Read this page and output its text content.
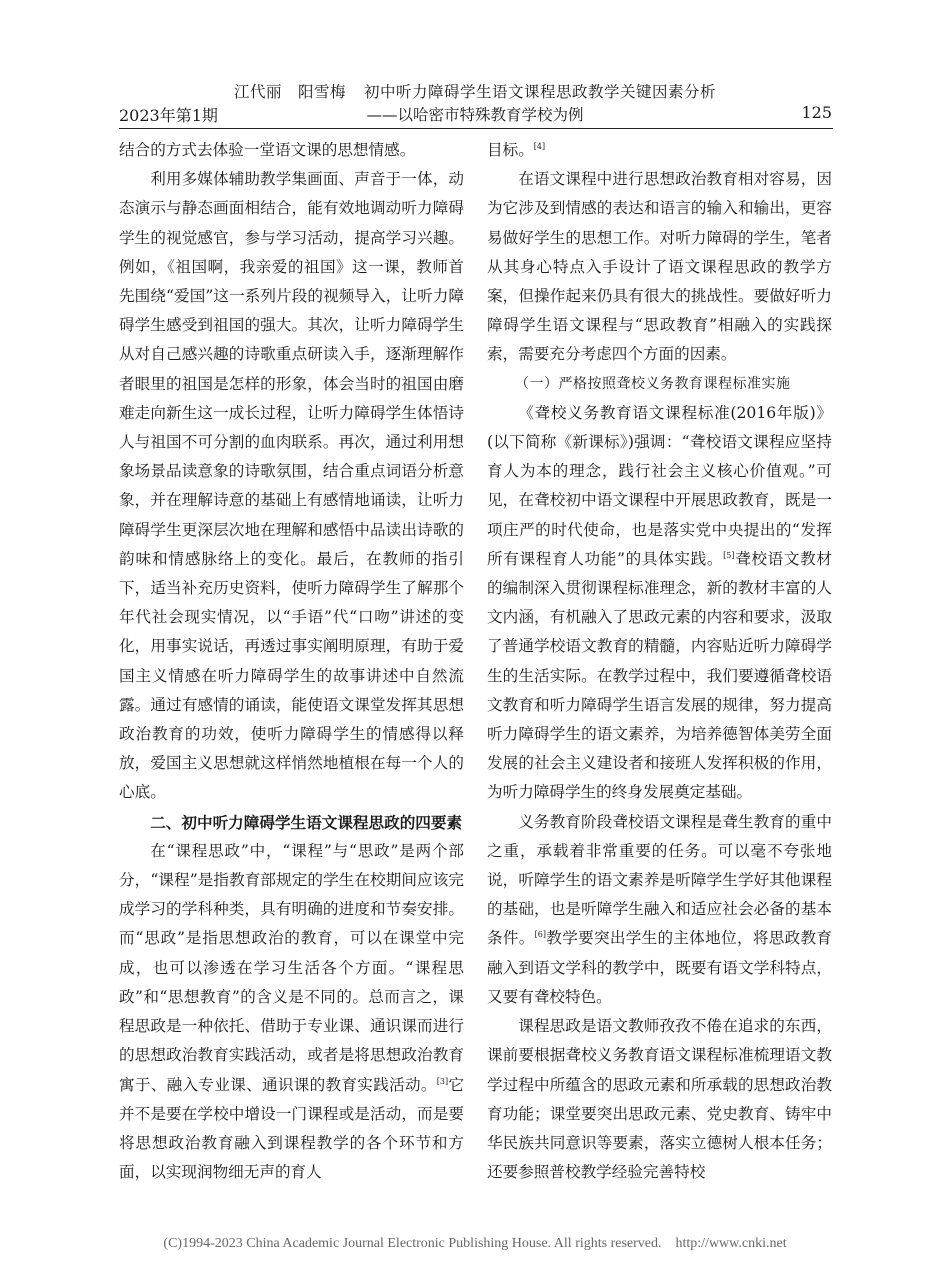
江代丽　阳雪梅 初中听力障碍学生语文课程思政教学关键因素分析
2023年第1期	——以哈密市特殊教育学校为例	125

结合的方式去体验一堂语文课的思想情感。

利用多媒体辅助教学集画面、声音于一体，动态演示与静态画面相结合，能有效地调动听力障碍学生的视觉感官，参与学习活动，提高学习兴趣。例如，《祖国啊，我亲爱的祖国》这一课，教师首先围绕“爱国”这一系列片段的视频导入，让听力障碍学生感受到祖国的强大。其次，让听力障碍学生从对自己感兴趣的诗歌重点研读入手，逐渐理解作者眼里的祖国是怎样的形象，体会当时的祖国由磨难走向新生这一成长过程，让听力障碍学生体悟诗人与祖国不可分割的血肉联系。再次，通过利用想象场景品读意象的诗歌氛围，结合重点词语分析意象，并在理解诗意的基础上有感情地诵读，让听力障碍学生更深层次地在理解和感悟中品读出诗歌的韵味和情感脉络上的变化。最后，在教师的指引下，适当补充历史资料，使听力障碍学生了解那个年代社会现实情况，以“手语”代“口吻”讲述的变化，用事实说话，再透过事实阐明原理，有助于爱国主义情感在听力障碍学生的故事讲述中自然流露。通过有感情的诵读，能使语文课堂发挥其思想政治教育的功效，使听力障碍学生的情感得以释放，爱国主义思想就这样悄然地植根在每一个人的心底。

二、初中听力障碍学生语文课程思政的四要素

在“课程思政”中，“课程”与“思政”是两个部分，“课程”是指教育部规定的学生在校期间应该完成学习的学科种类，具有明确的进度和节奏安排。而“思政”是指思想政治的教育，可以在课堂中完成，也可以渗透在学习生活各个方面。“课程思政”和“思想教育”的含义是不同的。总而言之，课程思政是一种依托、借助于专业课、通识课而进行的思想政治教育实践活动，或者是将思想政治教育寓于、融入专业课、通识课的教育实践活动。[3]它并不是要在学校中增设一门课程或是活动，而是要将思想政治教育融入到课程教学的各个环节和方面，以实现润物细无声的育人

目标。[4]

在语文课程中进行思想政治教育相对容易，因为它涉及到情感的表达和语言的输入和输出，更容易做好学生的思想工作。对听力障碍的学生，笔者从其身心特点入手设计了语文课程思政的教学方案，但操作起来仍具有很大的挑战性。要做好听力障碍学生语文课程与“思政教育”相融入的实践探索，需要充分考虑四个方面的因素。

（一）严格按照聋校义务教育课程标准实施

《聋校义务教育语文课程标准(2016年版)》(以下简称《新课标》)强调：“聋校语文课程应坚持育人为本的理念，践行社会主义核心价值观。”可见，在聋校初中语文课程中开展思政教育，既是一项庄严的时代使命，也是落实党中央提出的“发挥所有课程育人功能”的具体实践。[5]聋校语文教材的编制深入贯彻课程标准理念，新的教材丰富的人文内涵，有机融入了思政元素的内容和要求，汲取了普通学校语文教育的精髓，内容贴近听力障碍学生的生活实际。在教学过程中，我们要遵循聋校语文教育和听力障碍学生语言发展的规律，努力提高听力障碍学生的语文素养，为培养德智体美劳全面发展的社会主义建设者和接班人发挥积极的作用，为听力障碍学生的终身发展奠定基础。

义务教育阶段聋校语文课程是聋生教育的重中之重，承载着非常重要的任务。可以毫不夸张地说，听障学生的语文素养是听障学生学好其他课程的基础，也是听障学生融入和适应社会必备的基本条件。[6]教学要突出学生的主体地位，将思政教育融入到语文学科的教学中，既要有语文学科特点，又要有聋校特色。

课程思政是语文教师孜孜不倦在追求的东西，课前要根据聋校义务教育语文课程标准梳理语文教学过程中所蕴含的思政元素和所承载的思想政治教育功能；课堂要突出思政元素、党史教育、铸牢中华民族共同意识等要素，落实立德树人根本任务；还要参照普校教学经验完善特校

(C)1994-2023 China Academic Journal Electronic Publishing House. All rights reserved. http://www.cnki.net
